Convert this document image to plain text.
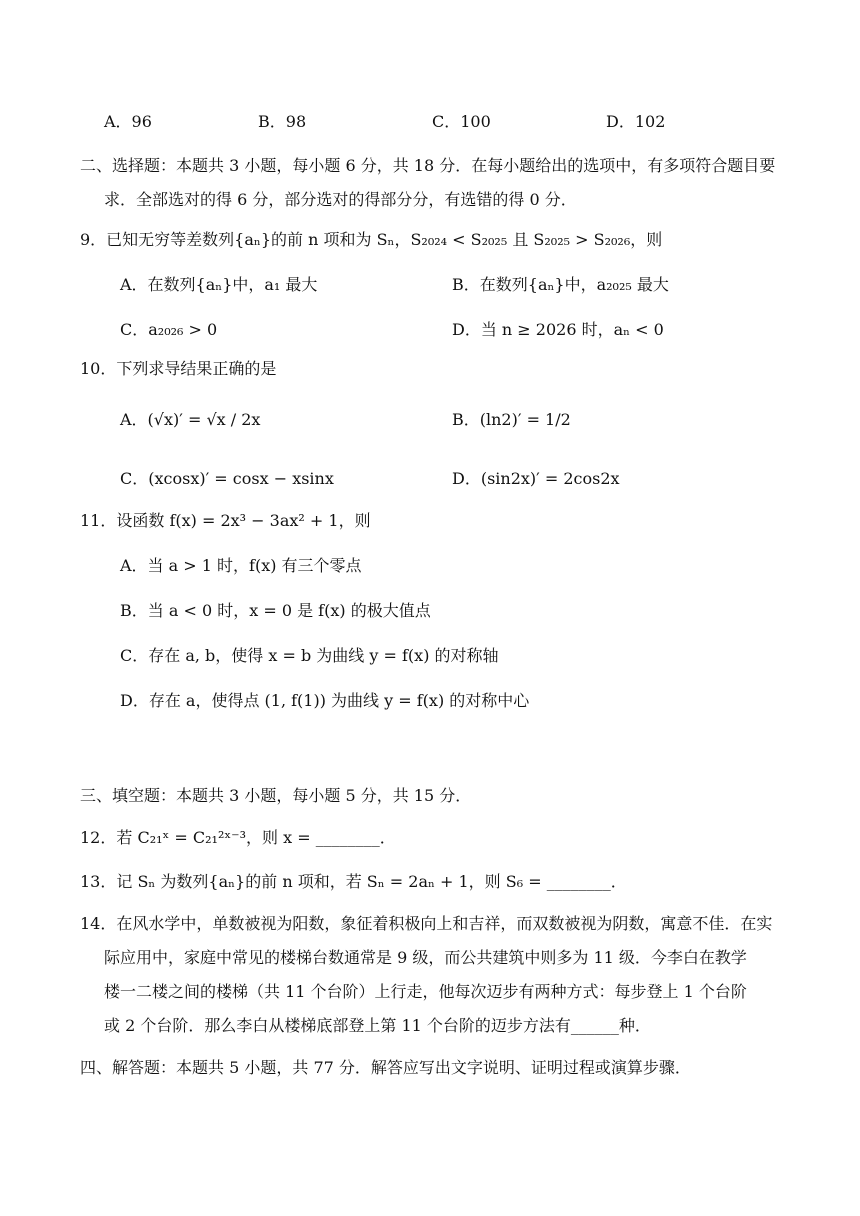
A．96	B．98	C．100	D．102
二、选择题：本题共 3 小题，每小题 6 分，共 18 分．在每小题给出的选项中，有多项符合题目要
求．全部选对的得 6 分，部分选对的得部分分，有选错的得 0 分．
9．已知无穷等差数列{aₙ}的前 n 项和为 Sₙ，S₂₀₂₄ < S₂₀₂₅ 且 S₂₀₂₅ > S₂₀₂₆，则
A．在数列{aₙ}中，a₁ 最大	B．在数列{aₙ}中，a₂₀₂₅ 最大
C．a₂₀₂₆ > 0	D．当 n ≥ 2026 时，aₙ < 0
10．下列求导结果正确的是
A．(√x)′ = √x / 2x	B．(ln2)′ = 1/2
C．(xcosx)′ = cosx − xsinx	D．(sin2x)′ = 2cos2x
11．设函数 f(x) = 2x³ − 3ax² + 1，则
A．当 a > 1 时，f(x) 有三个零点
B．当 a < 0 时，x = 0 是 f(x) 的极大值点
C．存在 a, b，使得 x = b 为曲线 y = f(x) 的对称轴
D．存在 a，使得点 (1, f(1)) 为曲线 y = f(x) 的对称中心
三、填空题：本题共 3 小题，每小题 5 分，共 15 分．
12．若 C₂₁ˣ = C₂₁²ˣ⁻³，则 x = ________．
13．记 Sₙ 为数列{aₙ}的前 n 项和，若 Sₙ = 2aₙ + 1，则 S₆ = ________．
14．在风水学中，单数被视为阳数，象征着积极向上和吉祥，而双数被视为阴数，寓意不佳．在实
际应用中，家庭中常见的楼梯台数通常是 9 级，而公共建筑中则多为 11 级．今李白在教学
楼一二楼之间的楼梯（共 11 个台阶）上行走，他每次迈步有两种方式：每步登上 1 个台阶
或 2 个台阶．那么李白从楼梯底部登上第 11 个台阶的迈步方法有______种．
四、解答题：本题共 5 小题，共 77 分．解答应写出文字说明、证明过程或演算步骤．
